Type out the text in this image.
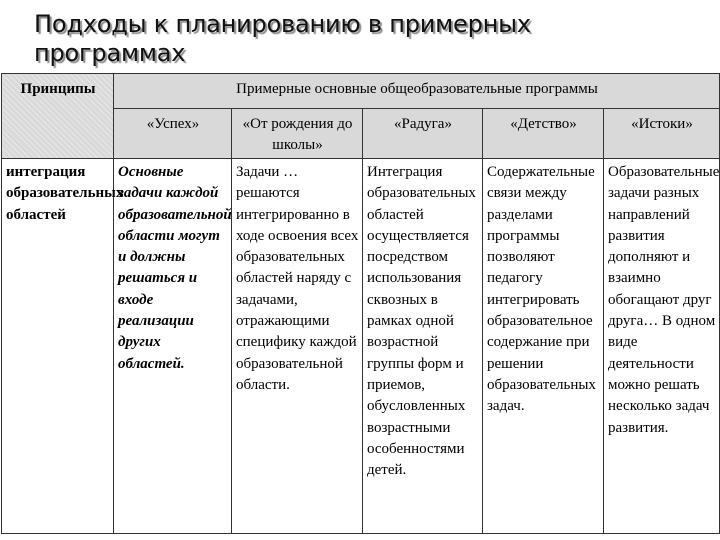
Подходы к планированию в примерных программах
Принципы	Примерные основные общеобразовательные программы				
	«Успех»	«От рождения до школы»	«Радуга»	«Детство»	«Истоки»
интеграция образовательных областей	Основные задачи каждой образовательной области могут и должны решаться и входе реализации других областей.	Задачи … решаются интегрированно в ходе освоения всех образовательных областей наряду с задачами, отражающими специфику каждой образовательной области.	Интеграция образовательных областей осуществляется посредством использования сквозных в рамках одной возрастной группы форм и приемов, обусловленных возрастными особенностями детей.	Содержательные связи между разделами программы позволяют педагогу интегрировать образовательное содержание при решении образовательных задач.	Образовательные задачи разных направлений развития дополняют и взаимно обогащают друг друга… В одном виде деятельности можно решать несколько задач развития.
